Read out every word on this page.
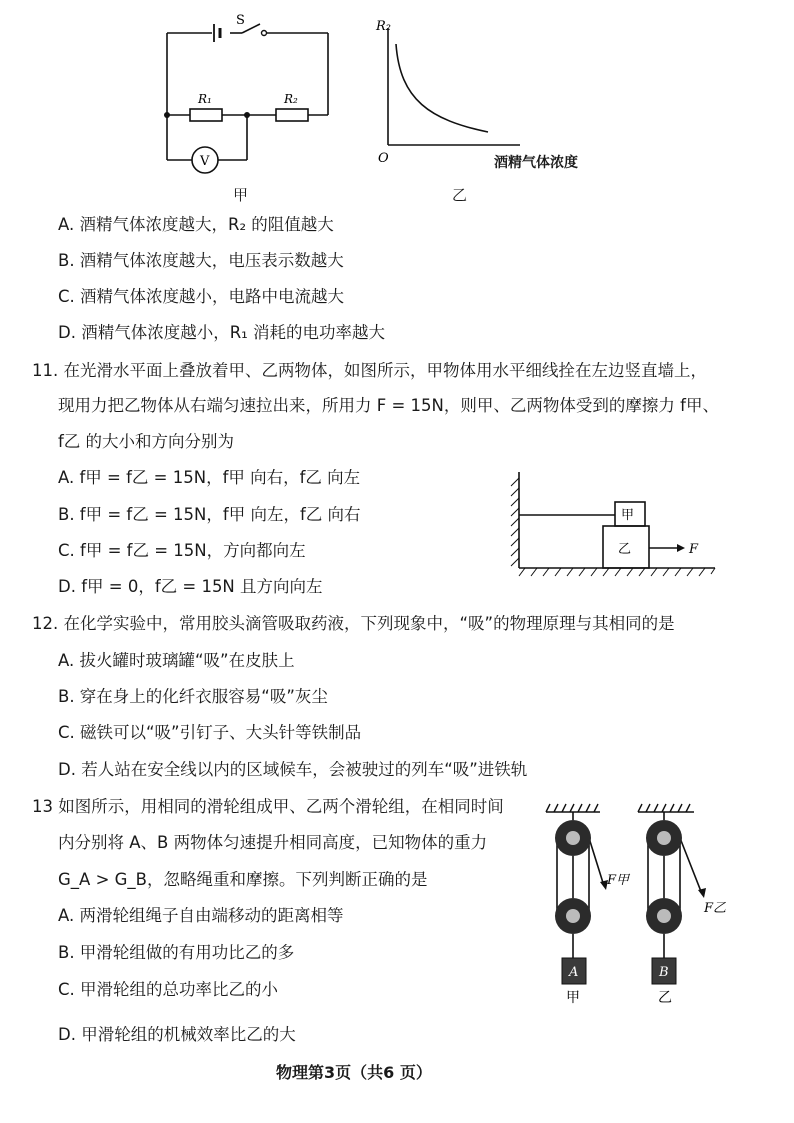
S
R₁	R₂
V
甲
R₂
O	酒精气体浓度
乙
A. 酒精气体浓度越大，R₂ 的阻值越大
B. 酒精气体浓度越大，电压表示数越大
C. 酒精气体浓度越小，电路中电流越大
D. 酒精气体浓度越小，R₁ 消耗的电功率越大
11. 在光滑水平面上叠放着甲、乙两物体，如图所示，甲物体用水平细线拴在左边竖直墙上，
现用力把乙物体从右端匀速拉出来，所用力 F = 15N，则甲、乙两物体受到的摩擦力 f甲、
f乙 的大小和方向分别为
A. f甲 = f乙 = 15N，f甲 向右，f乙 向左
B. f甲 = f乙 = 15N，f甲 向左，f乙 向右
C. f甲 = f乙 = 15N，方向都向左
D. f甲 = 0，f乙 = 15N 且方向向左
甲
乙	F
12. 在化学实验中，常用胶头滴管吸取药液，下列现象中，“吸”的物理原理与其相同的是
A. 拔火罐时玻璃罐“吸”在皮肤上
B. 穿在身上的化纤衣服容易“吸”灰尘
C. 磁铁可以“吸”引钉子、大头针等铁制品
D. 若人站在安全线以内的区域候车，会被驶过的列车“吸”进铁轨
13 如图所示，用相同的滑轮组成甲、乙两个滑轮组，在相同时间
内分别将 A、B 两物体匀速提升相同高度，已知物体的重力
G_A > G_B，忽略绳重和摩擦。下列判断正确的是
A. 两滑轮组绳子自由端移动的距离相等
B. 甲滑轮组做的有用功比乙的多
C. 甲滑轮组的总功率比乙的小
D. 甲滑轮组的机械效率比乙的大
F甲
F乙
A	B
甲	乙
物理第3页（共6 页）
